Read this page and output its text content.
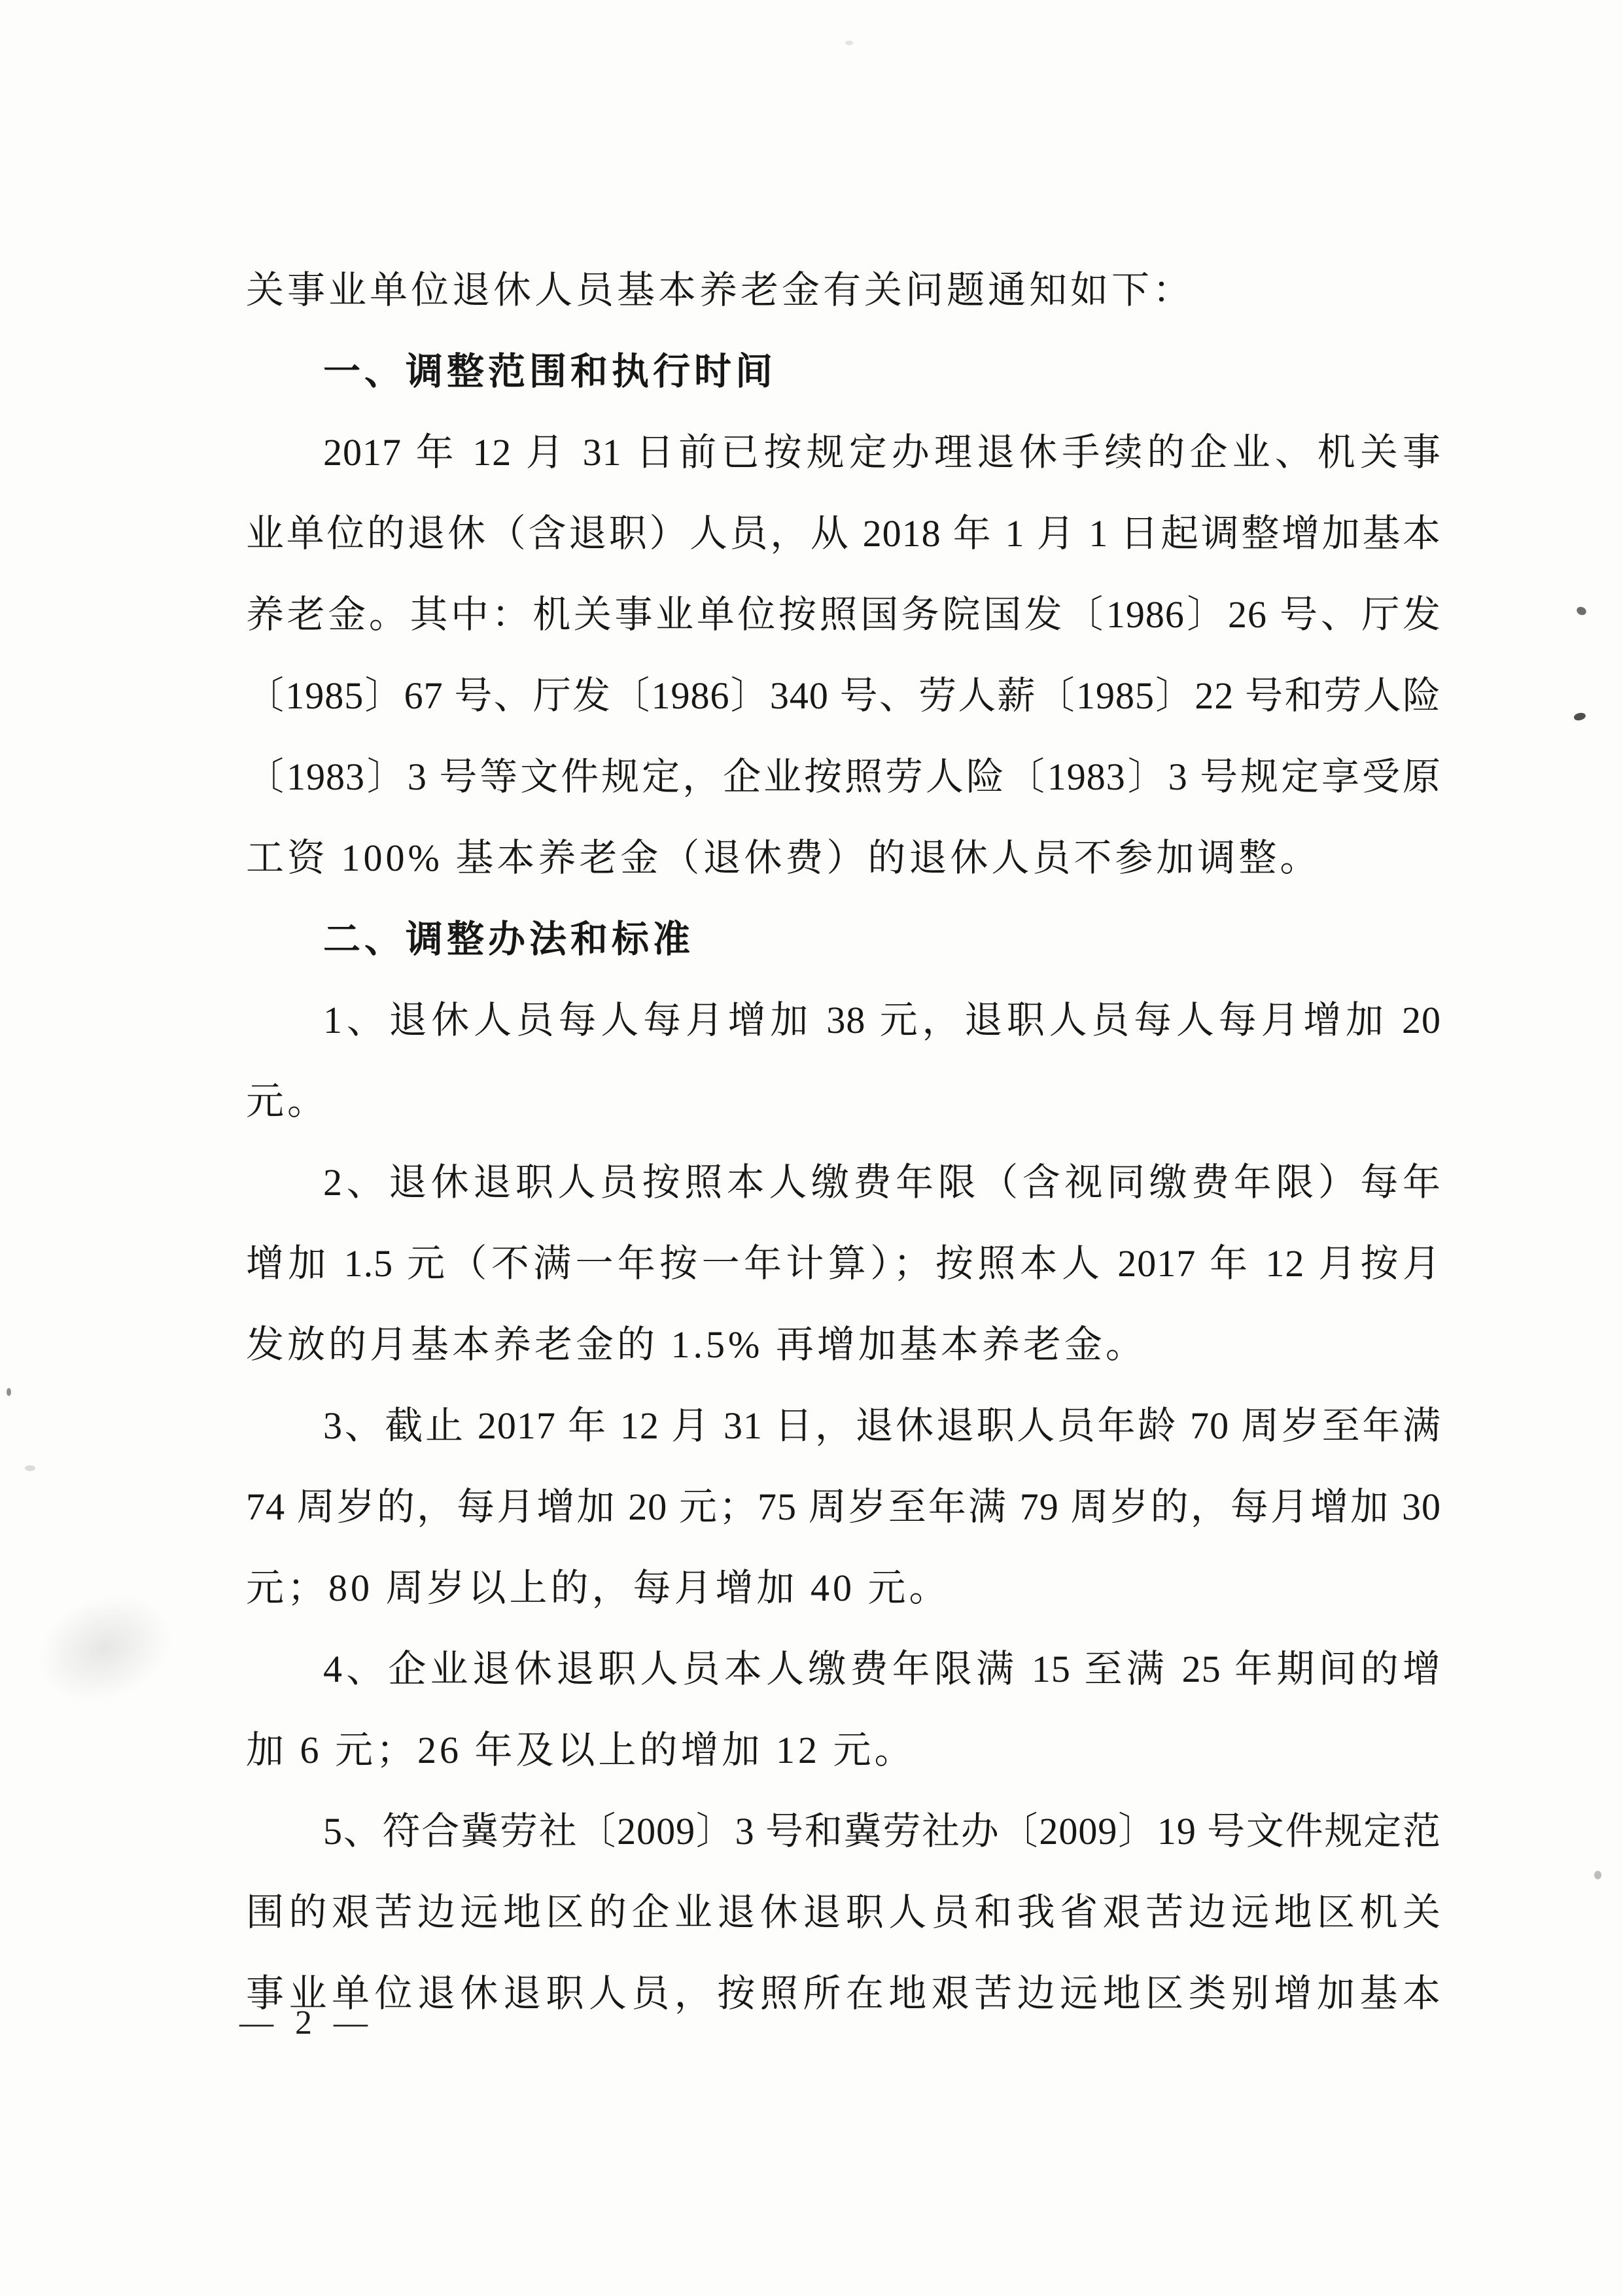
关事业单位退休人员基本养老金有关问题通知如下：
一、调整范围和执行时间
2017 年 12 月 31 日前已按规定办理退休手续的企业、机关事
业单位的退休（含退职）人员，从 2018 年 1 月 1 日起调整增加基本
养老金。其中：机关事业单位按照国务院国发〔1986〕26 号、厅发
〔1985〕67 号、厅发〔1986〕340 号、劳人薪〔1985〕22 号和劳人险
〔1983〕3 号等文件规定，企业按照劳人险〔1983〕3 号规定享受原
工资 100% 基本养老金（退休费）的退休人员不参加调整。
二、调整办法和标准
1、退休人员每人每月增加 38 元，退职人员每人每月增加 20
元。
2、退休退职人员按照本人缴费年限（含视同缴费年限）每年
增加 1.5 元（不满一年按一年计算）；按照本人 2017 年 12 月按月
发放的月基本养老金的 1.5% 再增加基本养老金。
3、截止 2017 年 12 月 31 日，退休退职人员年龄 70 周岁至年满
74 周岁的，每月增加 20 元；75 周岁至年满 79 周岁的，每月增加 30
元；80 周岁以上的，每月增加 40 元。
4、企业退休退职人员本人缴费年限满 15 至满 25 年期间的增
加 6 元；26 年及以上的增加 12 元。
5、符合冀劳社〔2009〕3 号和冀劳社办〔2009〕19 号文件规定范
围的艰苦边远地区的企业退休退职人员和我省艰苦边远地区机关
事业单位退休退职人员，按照所在地艰苦边远地区类别增加基本
— 2 —
